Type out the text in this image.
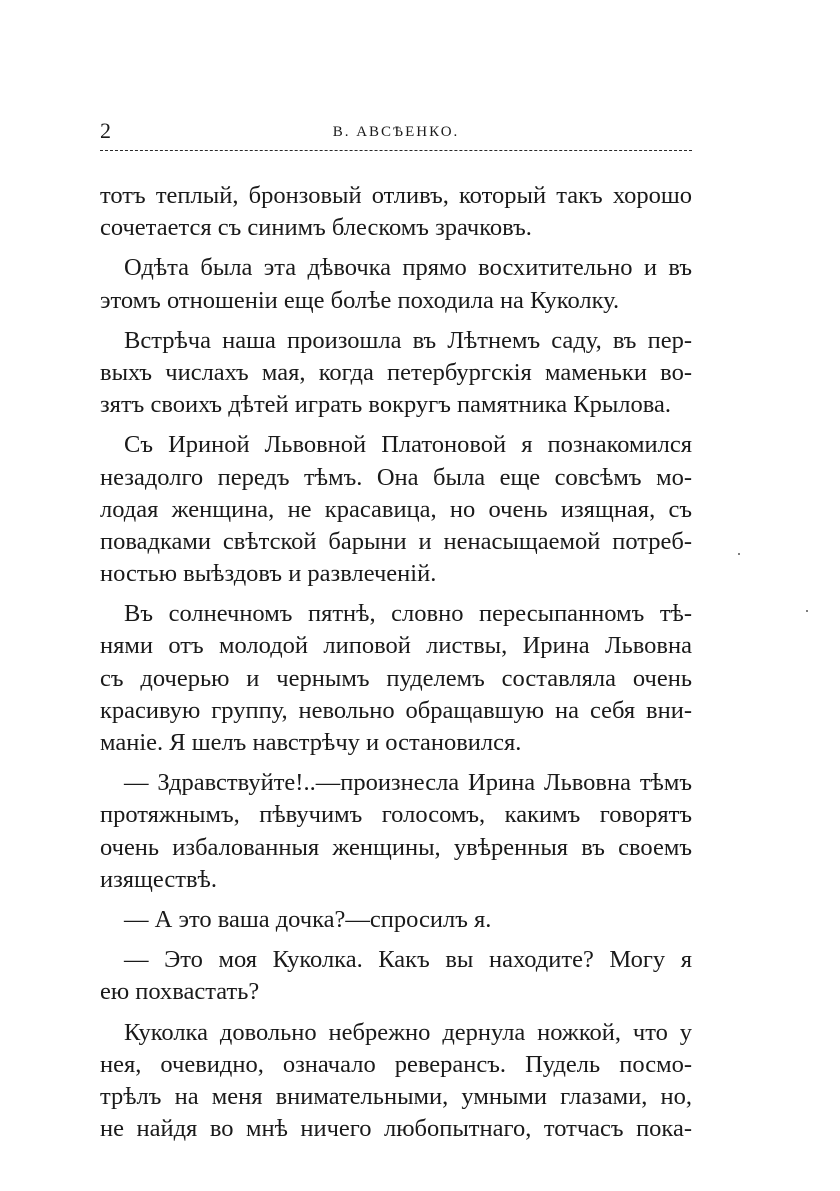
2	В. АВСѢЕНКО.
тотъ теплый, бронзовый отливъ, который такъ хорошо
сочетается съ синимъ блескомъ зрачковъ.
Одѣта была эта дѣвочка прямо восхитительно и въ
этомъ отношеніи еще болѣе походила на Куколку.
Встрѣча наша произошла въ Лѣтнемъ саду, въ пер-
выхъ числахъ мая, когда петербургскія маменьки во-
зятъ своихъ дѣтей играть вокругъ памятника Крылова.
Съ Ириной Львовной Платоновой я познакомился
незадолго передъ тѣмъ. Она была еще совсѣмъ мо-
лодая женщина, не красавица, но очень изящная, съ
повадками свѣтской барыни и ненасыщаемой потреб-
ностью выѣздовъ и развлеченій.
Въ солнечномъ пятнѣ, словно пересыпанномъ тѣ-
нями отъ молодой липовой листвы, Ирина Львовна
съ дочерью и чернымъ пуделемъ составляла очень
красивую группу, невольно обращавшую на себя вни-
маніе. Я шелъ навстрѣчу и остановился.
— Здравствуйте!..—произнесла Ирина Львовна тѣмъ
протяжнымъ, пѣвучимъ голосомъ, какимъ говорятъ
очень избалованныя женщины, увѣренныя въ своемъ
изяществѣ.
— А это ваша дочка?—спросилъ я.
— Это моя Куколка. Какъ вы находите? Могу я
ею похвастать?
Куколка довольно небрежно дернула ножкой, что у
нея, очевидно, означало реверансъ. Пудель посмо-
трѣлъ на меня внимательными, умными глазами, но,
не найдя во мнѣ ничего любопытнаго, тотчасъ пока-
